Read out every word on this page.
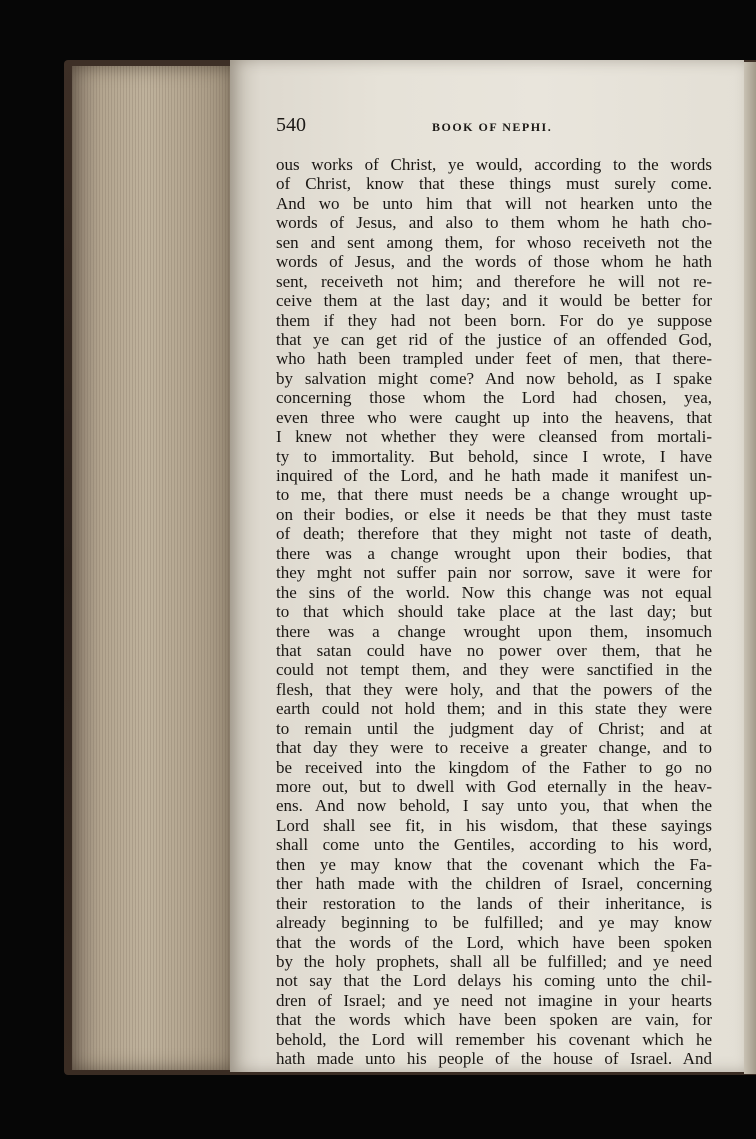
540	BOOK OF NEPHI.
ous works of Christ, ye would, according to the words
of Christ, know that these things must surely come.
And wo be unto him that will not hearken unto the
words of Jesus, and also to them whom he hath cho-
sen and sent among them, for whoso receiveth not the
words of Jesus, and the words of those whom he hath
sent, receiveth not him; and therefore he will not re-
ceive them at the last day; and it would be better for
them if they had not been born. For do ye suppose
that ye can get rid of the justice of an offended God,
who hath been trampled under feet of men, that there-
by salvation might come? And now behold, as I spake
concerning those whom the Lord had chosen, yea,
even three who were caught up into the heavens, that
I knew not whether they were cleansed from mortali-
ty to immortality. But behold, since I wrote, I have
inquired of the Lord, and he hath made it manifest un-
to me, that there must needs be a change wrought up-
on their bodies, or else it needs be that they must taste
of death; therefore that they might not taste of death,
there was a change wrought upon their bodies, that
they mght not suffer pain nor sorrow, save it were for
the sins of the world. Now this change was not equal
to that which should take place at the last day; but
there was a change wrought upon them, insomuch
that satan could have no power over them, that he
could not tempt them, and they were sanctified in the
flesh, that they were holy, and that the powers of the
earth could not hold them; and in this state they were
to remain until the judgment day of Christ; and at
that day they were to receive a greater change, and to
be received into the kingdom of the Father to go no
more out, but to dwell with God eternally in the heav-
ens. And now behold, I say unto you, that when the
Lord shall see fit, in his wisdom, that these sayings
shall come unto the Gentiles, according to his word,
then ye may know that the covenant which the Fa-
ther hath made with the children of Israel, concerning
their restoration to the lands of their inheritance, is
already beginning to be fulfilled; and ye may know
that the words of the Lord, which have been spoken
by the holy prophets, shall all be fulfilled; and ye need
not say that the Lord delays his coming unto the chil-
dren of Israel; and ye need not imagine in your hearts
that the words which have been spoken are vain, for
behold, the Lord will remember his covenant which he
hath made unto his people of the house of Israel. And
